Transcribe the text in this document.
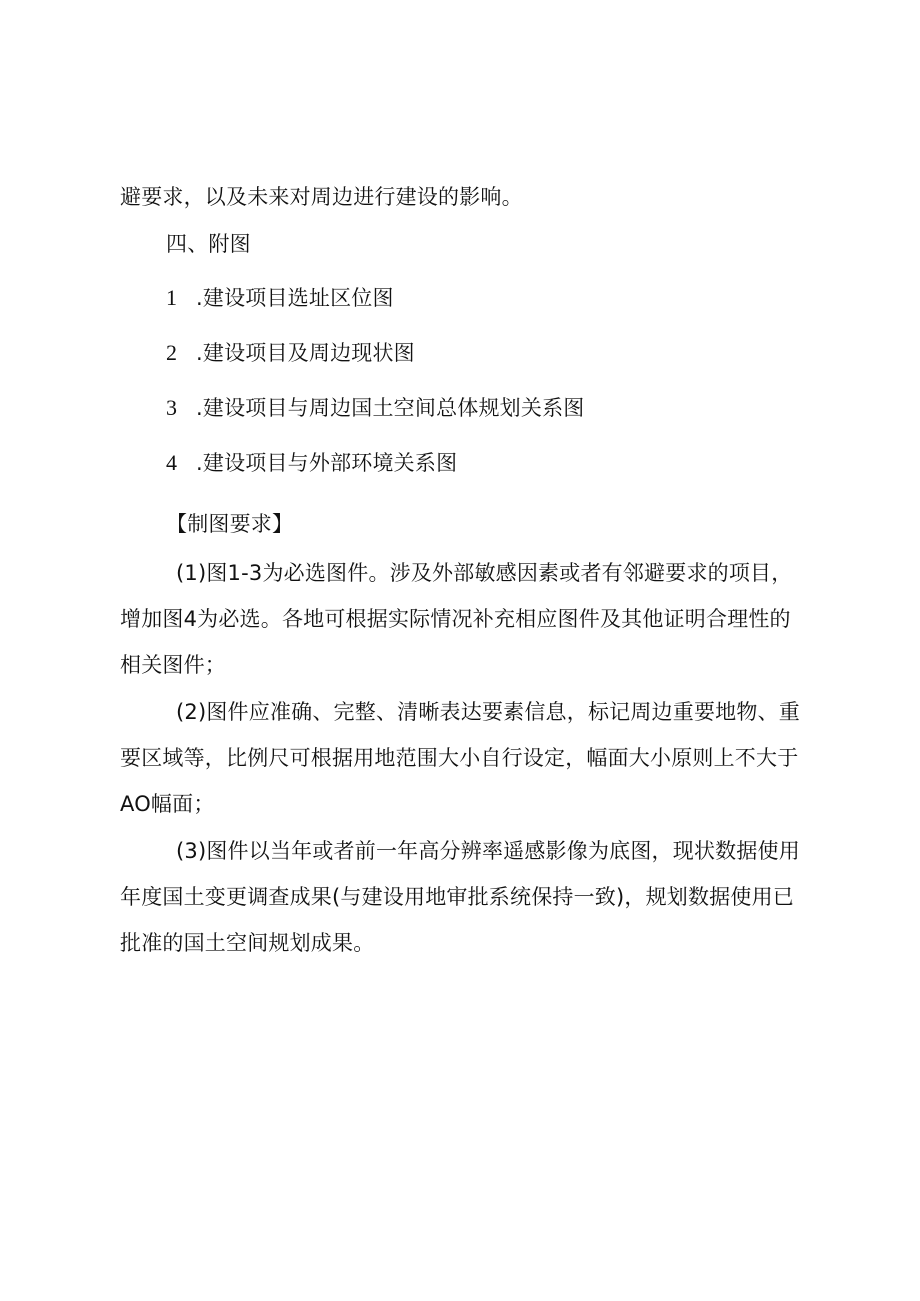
避要求，以及未来对周边进行建设的影响。
四、附图
1 .建设项目选址区位图
2 .建设项目及周边现状图
3 .建设项目与周边国土空间总体规划关系图
4 .建设项目与外部环境关系图
【制图要求】
(1)图1-3为必选图件。涉及外部敏感因素或者有邻避要求的项目，
增加图4为必选。各地可根据实际情况补充相应图件及其他证明合理性的
相关图件；
(2)图件应准确、完整、清晰表达要素信息，标记周边重要地物、重
要区域等，比例尺可根据用地范围大小自行设定，幅面大小原则上不大于
AO幅面；
(3)图件以当年或者前一年高分辨率遥感影像为底图，现状数据使用
年度国土变更调查成果(与建设用地审批系统保持一致)，规划数据使用已
批准的国土空间规划成果。
